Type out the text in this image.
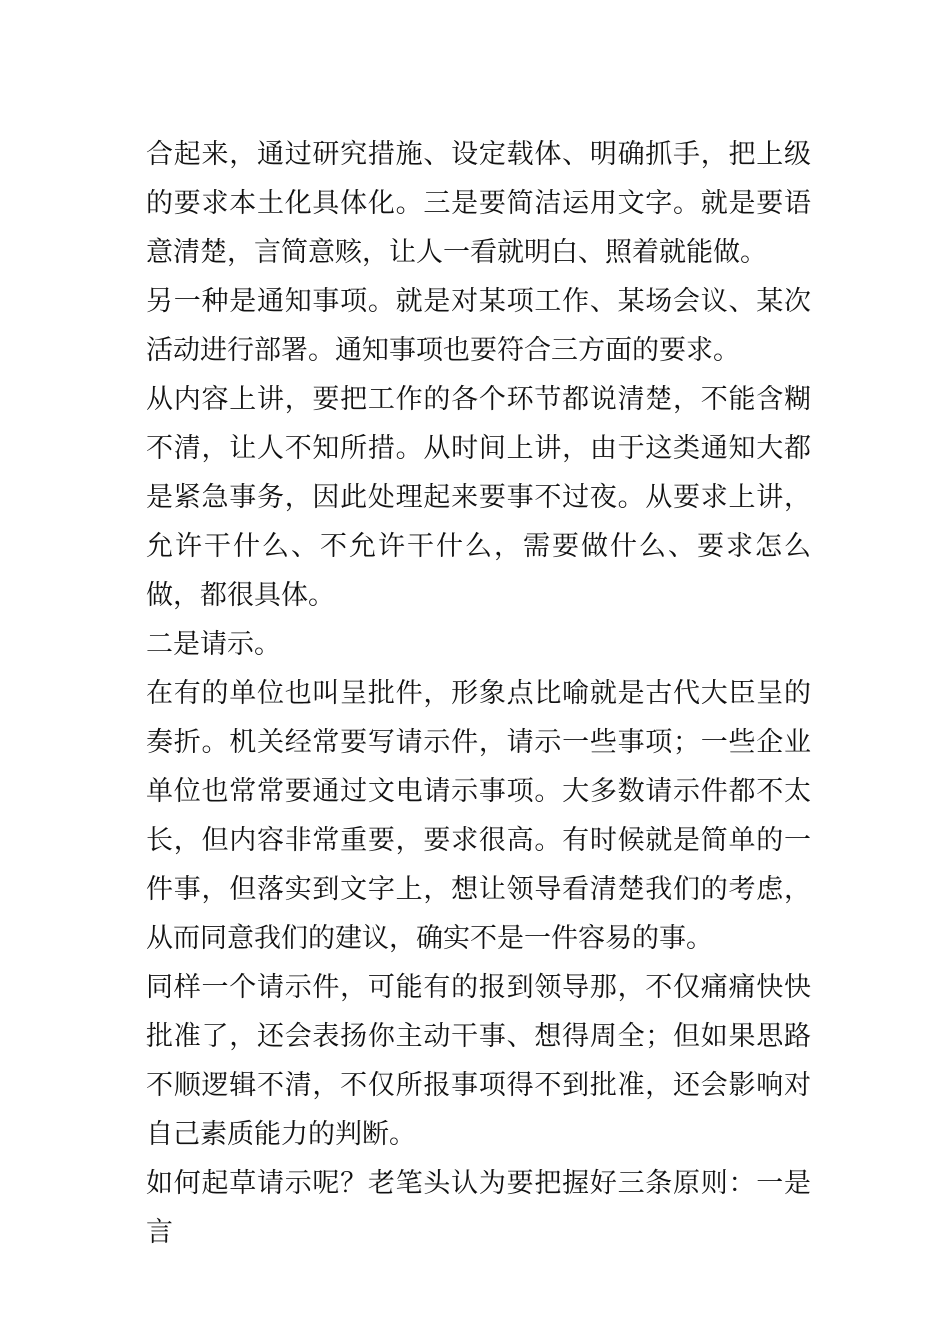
合起来，通过研究措施、设定载体、明确抓手，把上级的要求本土化具体化。三是要简洁运用文字。就是要语意清楚，言简意赅，让人一看就明白、照着就能做。

另一种是通知事项。就是对某项工作、某场会议、某次活动进行部署。通知事项也要符合三方面的要求。

从内容上讲，要把工作的各个环节都说清楚，不能含糊不清，让人不知所措。从时间上讲，由于这类通知大都是紧急事务，因此处理起来要事不过夜。从要求上讲，允许干什么、不允许干什么，需要做什么、要求怎么做，都很具体。

二是请示。

在有的单位也叫呈批件，形象点比喻就是古代大臣呈的奏折。机关经常要写请示件，请示一些事项；一些企业单位也常常要通过文电请示事项。大多数请示件都不太长，但内容非常重要，要求很高。有时候就是简单的一件事，但落实到文字上，想让领导看清楚我们的考虑，从而同意我们的建议，确实不是一件容易的事。

同样一个请示件，可能有的报到领导那，不仅痛痛快快批准了，还会表扬你主动干事、想得周全；但如果思路不顺逻辑不清，不仅所报事项得不到批准，还会影响对自己素质能力的判断。

如何起草请示呢？老笔头认为要把握好三条原则：一是言
